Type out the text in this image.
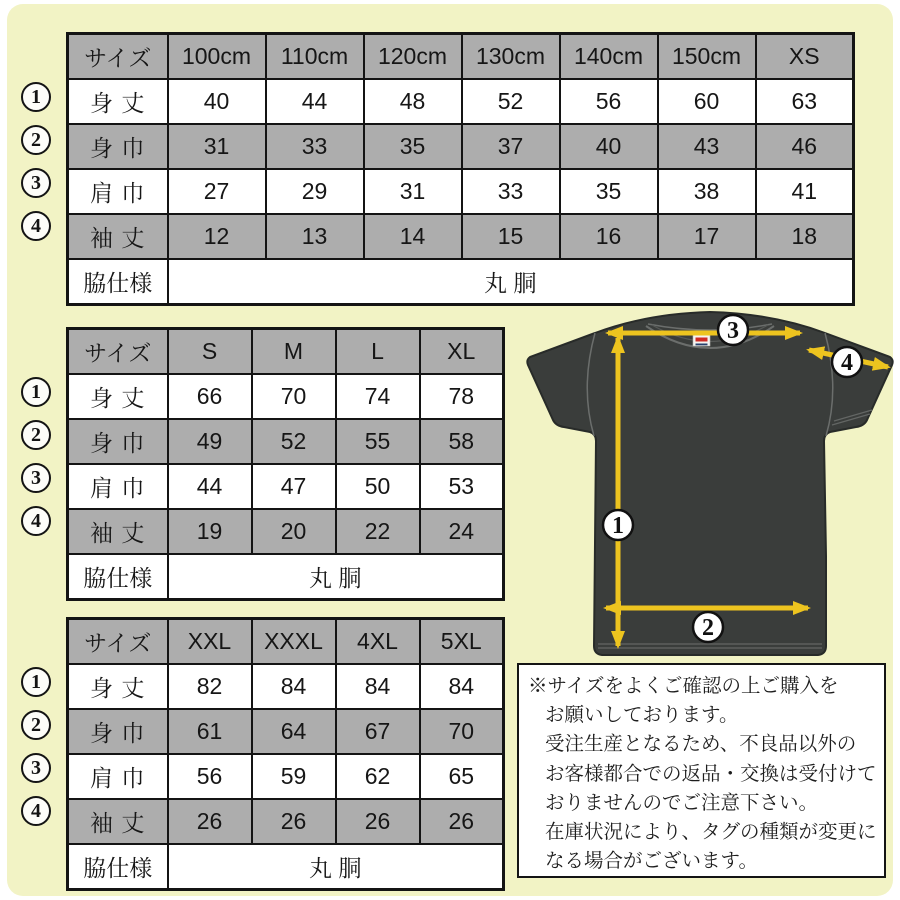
サイズ	100cm	110cm	120cm	130cm	140cm	150cm	XS
身 丈	40	44	48	52	56	60	63
身 巾	31	33	35	37	40	43	46
肩 巾	27	29	31	33	35	38	41
袖 丈	12	13	14	15	16	17	18
脇仕様	丸 胴						
サイズ	S	M	L	XL
身 丈	66	70	74	78
身 巾	49	52	55	58
肩 巾	44	47	50	53
袖 丈	19	20	22	24
脇仕様	丸 胴			
サイズ	XXL	XXXL	4XL	5XL
身 丈	82	84	84	84
身 巾	61	64	67	70
肩 巾	56	59	62	65
袖 丈	26	26	26	26
脇仕様	丸 胴			
1
2
3
4
1
2
3
4
1
2
3
4
3
4
1
2
※サイズをよくご確認の上ご購入を
お願いしております。
受注生産となるため、不良品以外の
お客様都合での返品・交換は受付けて
おりませんのでご注意下さい。
在庫状況により、タグの種類が変更に
なる場合がございます。
